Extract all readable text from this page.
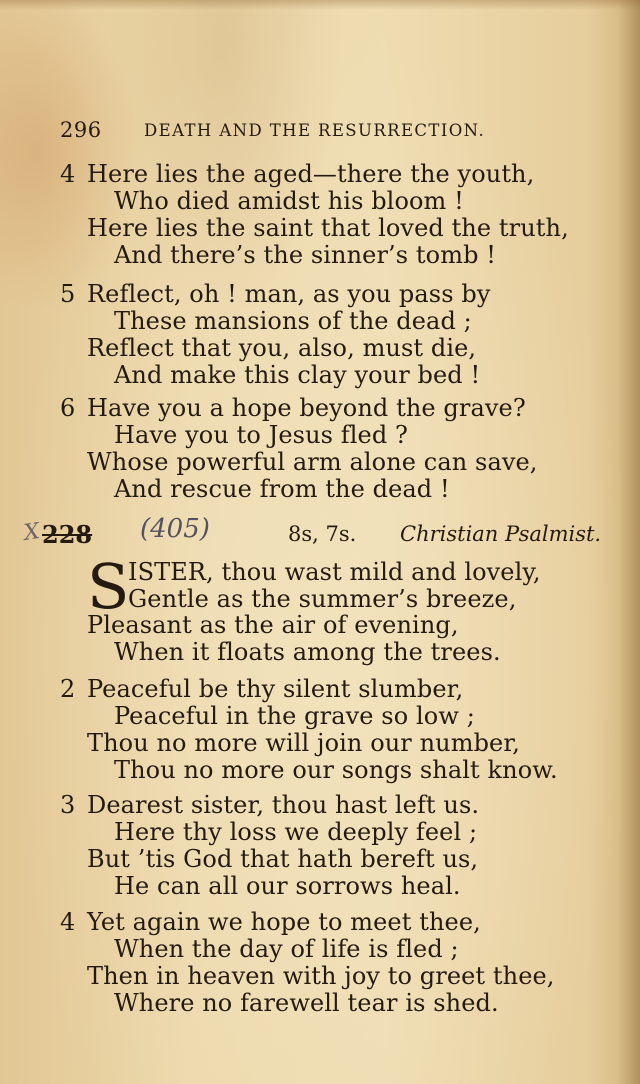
296	DEATH AND THE RESURRECTION.
4 Here lies the aged—there the youth,
Who died amidst his bloom !
Here lies the saint that loved the truth,
And there’s the sinner’s tomb !
5 Reflect, oh ! man, as you pass by
These mansions of the dead ;
Reflect that you, also, must die,
And make this clay your bed !
6 Have you a hope beyond the grave?
Have you to Jesus fled ?
Whose powerful arm alone can save,
And rescue from the dead !
X 228 (405)	8s, 7s. Christian Psalmist.
S
ISTER, thou wast mild and lovely,
Gentle as the summer’s breeze,
Pleasant as the air of evening,
When it floats among the trees.
2 Peaceful be thy silent slumber,
Peaceful in the grave so low ;
Thou no more will join our number,
Thou no more our songs shalt know.
3 Dearest sister, thou hast left us.
Here thy loss we deeply feel ;
But ’tis God that hath bereft us,
He can all our sorrows heal.
4 Yet again we hope to meet thee,
When the day of life is fled ;
Then in heaven with joy to greet thee,
Where no farewell tear is shed.
